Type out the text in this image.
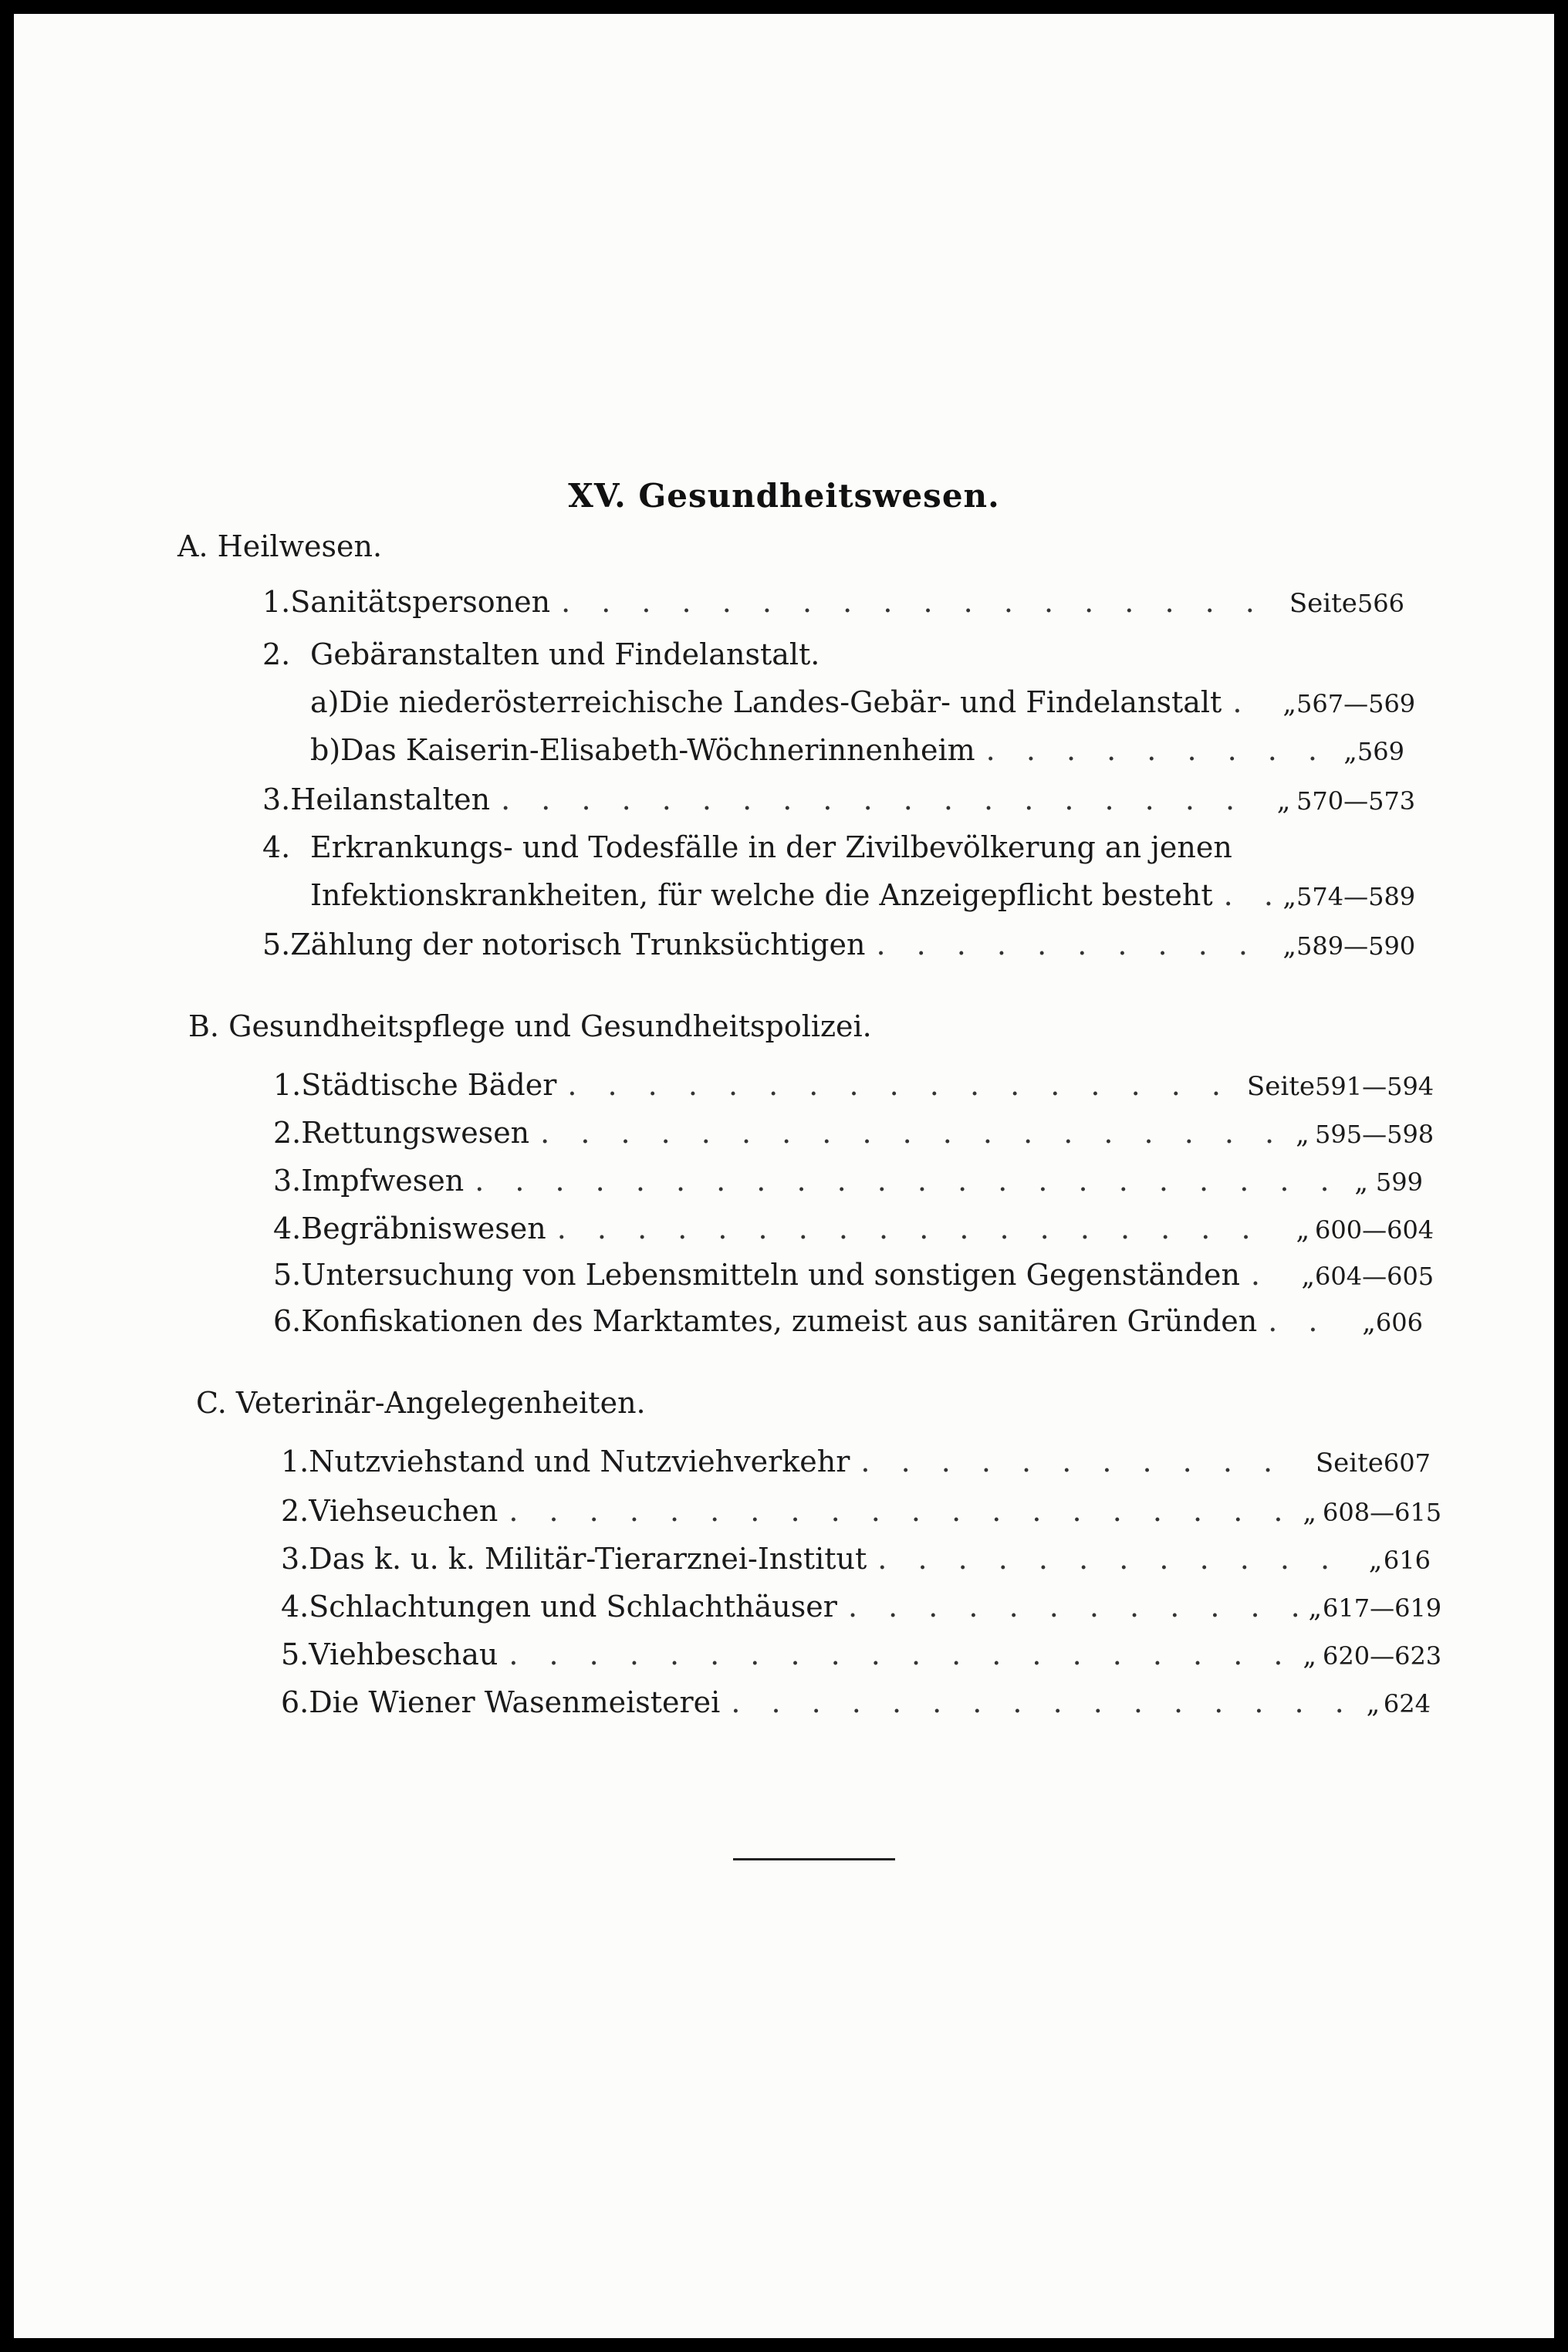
XV. Gesundheitswesen.
A. Heilwesen.
1. Sanitätspersonen . . .	Seite 566
2. Gebäranstalten und Findelanstalt.
a) Die niederösterreichische Landes-Gebär- und Findelanstalt . . . „ 567—569
b) Das Kaiserin-Elisabeth-Wöchnerinnenheim . . .	„ 569
3. Heilanstalten . . .	„ 570—573
4. Erkrankungs- und Todesfälle in der Zivilbevölkerung an jenen
Infektionskrankheiten, für welche die Anzeigepflicht besteht . . .	„ 574—589
5. Zählung der notorisch Trunksüchtigen . . .	„ 589—590
B. Gesundheitspflege und Gesundheitspolizei.
1. Städtische Bäder . . .	Seite 591—594
2. Rettungswesen . . .	„ 595—598
3. Impfwesen . . .	„ 599
4. Begräbniswesen . . .	„ 600—604
5. Untersuchung von Lebensmitteln und sonstigen Gegenständen . . . „ 604—605
6. Konfiskationen des Marktamtes, zumeist aus sanitären Gründen . . .	„ 606
C. Veterinär-Angelegenheiten.
1. Nutzviehstand und Nutzviehverkehr . . .	Seite 607
2. Viehseuchen . . .	„ 608—615
3. Das k. u. k. Militär-Tierarznei-Institut . . .	„ 616
4. Schlachtungen und Schlachthäuser . . .	„ 617—619
5. Viehbeschau . . .	„ 620—623
6. Die Wiener Wasenmeisterei . . .	„ 624
